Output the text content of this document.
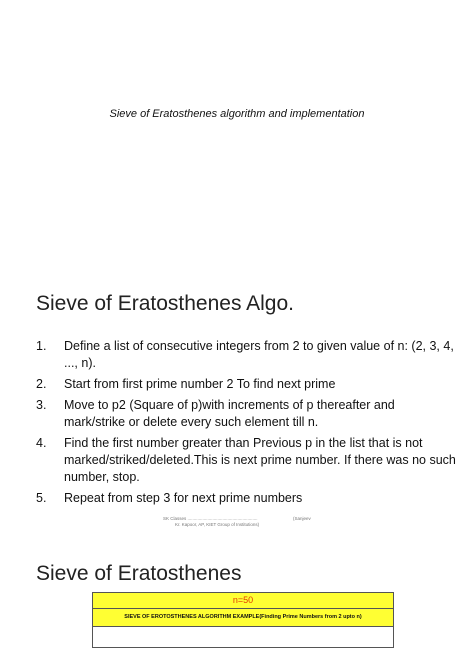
Sieve of Eratosthenes algorithm and implementation
Sieve of Eratosthenes Algo.
1.	Define a list of consecutive integers from 2 to given value of n: (2, 3, 4, ..., n).
2.	Start from first prime number 2 To find next prime
3.	Move to p2 (Square of p)with increments of p thereafter and mark/strike or delete every such element till n.
4.	Find the first number greater than Previous p in the list that is not marked/striked/deleted.This is next prime number. If there was no such number, stop.
5.	Repeat from step 3 for next prime numbers
SK Classes ........................................................	(Sanjeev
Kr. Kapoor, AP, KIET Group of Institutions)
Sieve of Eratosthenes
n=50
SIEVE OF EROTOSTHENES ALGORITHM EXAMPLE(Finding Prime Numbers from 2 upto n)
